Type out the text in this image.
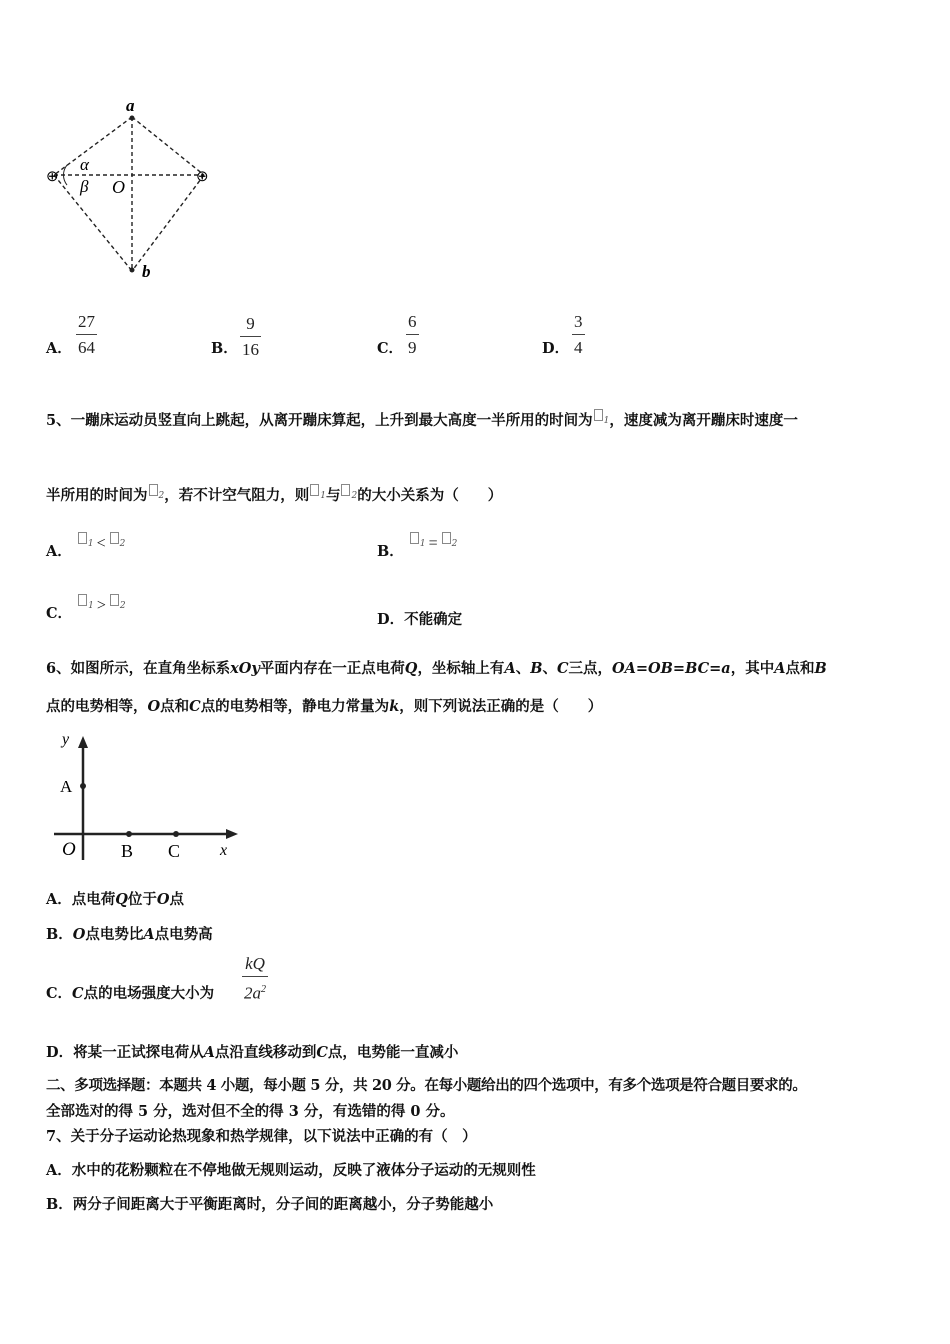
a
b
α
β O
⊕	⊕
A．
27
64	B．
9
16	C．
6
9	D．
3
4
5、一蹦床运动员竖直向上跳起，从离开蹦床算起，上升到最大高度一半所用的时间为 $^1$，速度减为离开蹦床时速度一
半所用的时间为 $^2$，若不计空气阻力，则 $^1$与 $^2$的大小关系为（　　）
A． $^1$ < $^2$	B． $^1$ = $^2$
C． $^1$ > $^2$
D．不能确定
6、如图所示，在直角坐标系xOy平面内存在一正点电荷Q，坐标轴上有A、B、C三点，OA=OB=BC=a，其中A点和B
点的电势相等，O点和C点的电势相等，静电力常量为k，则下列说法正确的是（　　）
y
A
O	B C x
A．点电荷Q位于O点
B．O点电势比A点电势高
C．C点的电场强度大小为
kQ
$2a^2$
D．将某一正试探电荷从A点沿直线移动到C点，电势能一直减小
二、多项选择题：本题共 4 小题，每小题 5 分，共 20 分。在每小题给出的四个选项中，有多个选项是符合题目要求的。
全部选对的得 5 分，选对但不全的得 3 分，有选错的得 0 分。
7、关于分子运动论热现象和热学规律，以下说法中正确的有（　）
A．水中的花粉颗粒在不停地做无规则运动，反映了液体分子运动的无规则性
B．两分子间距离大于平衡距离时，分子间的距离越小，分子势能越小
